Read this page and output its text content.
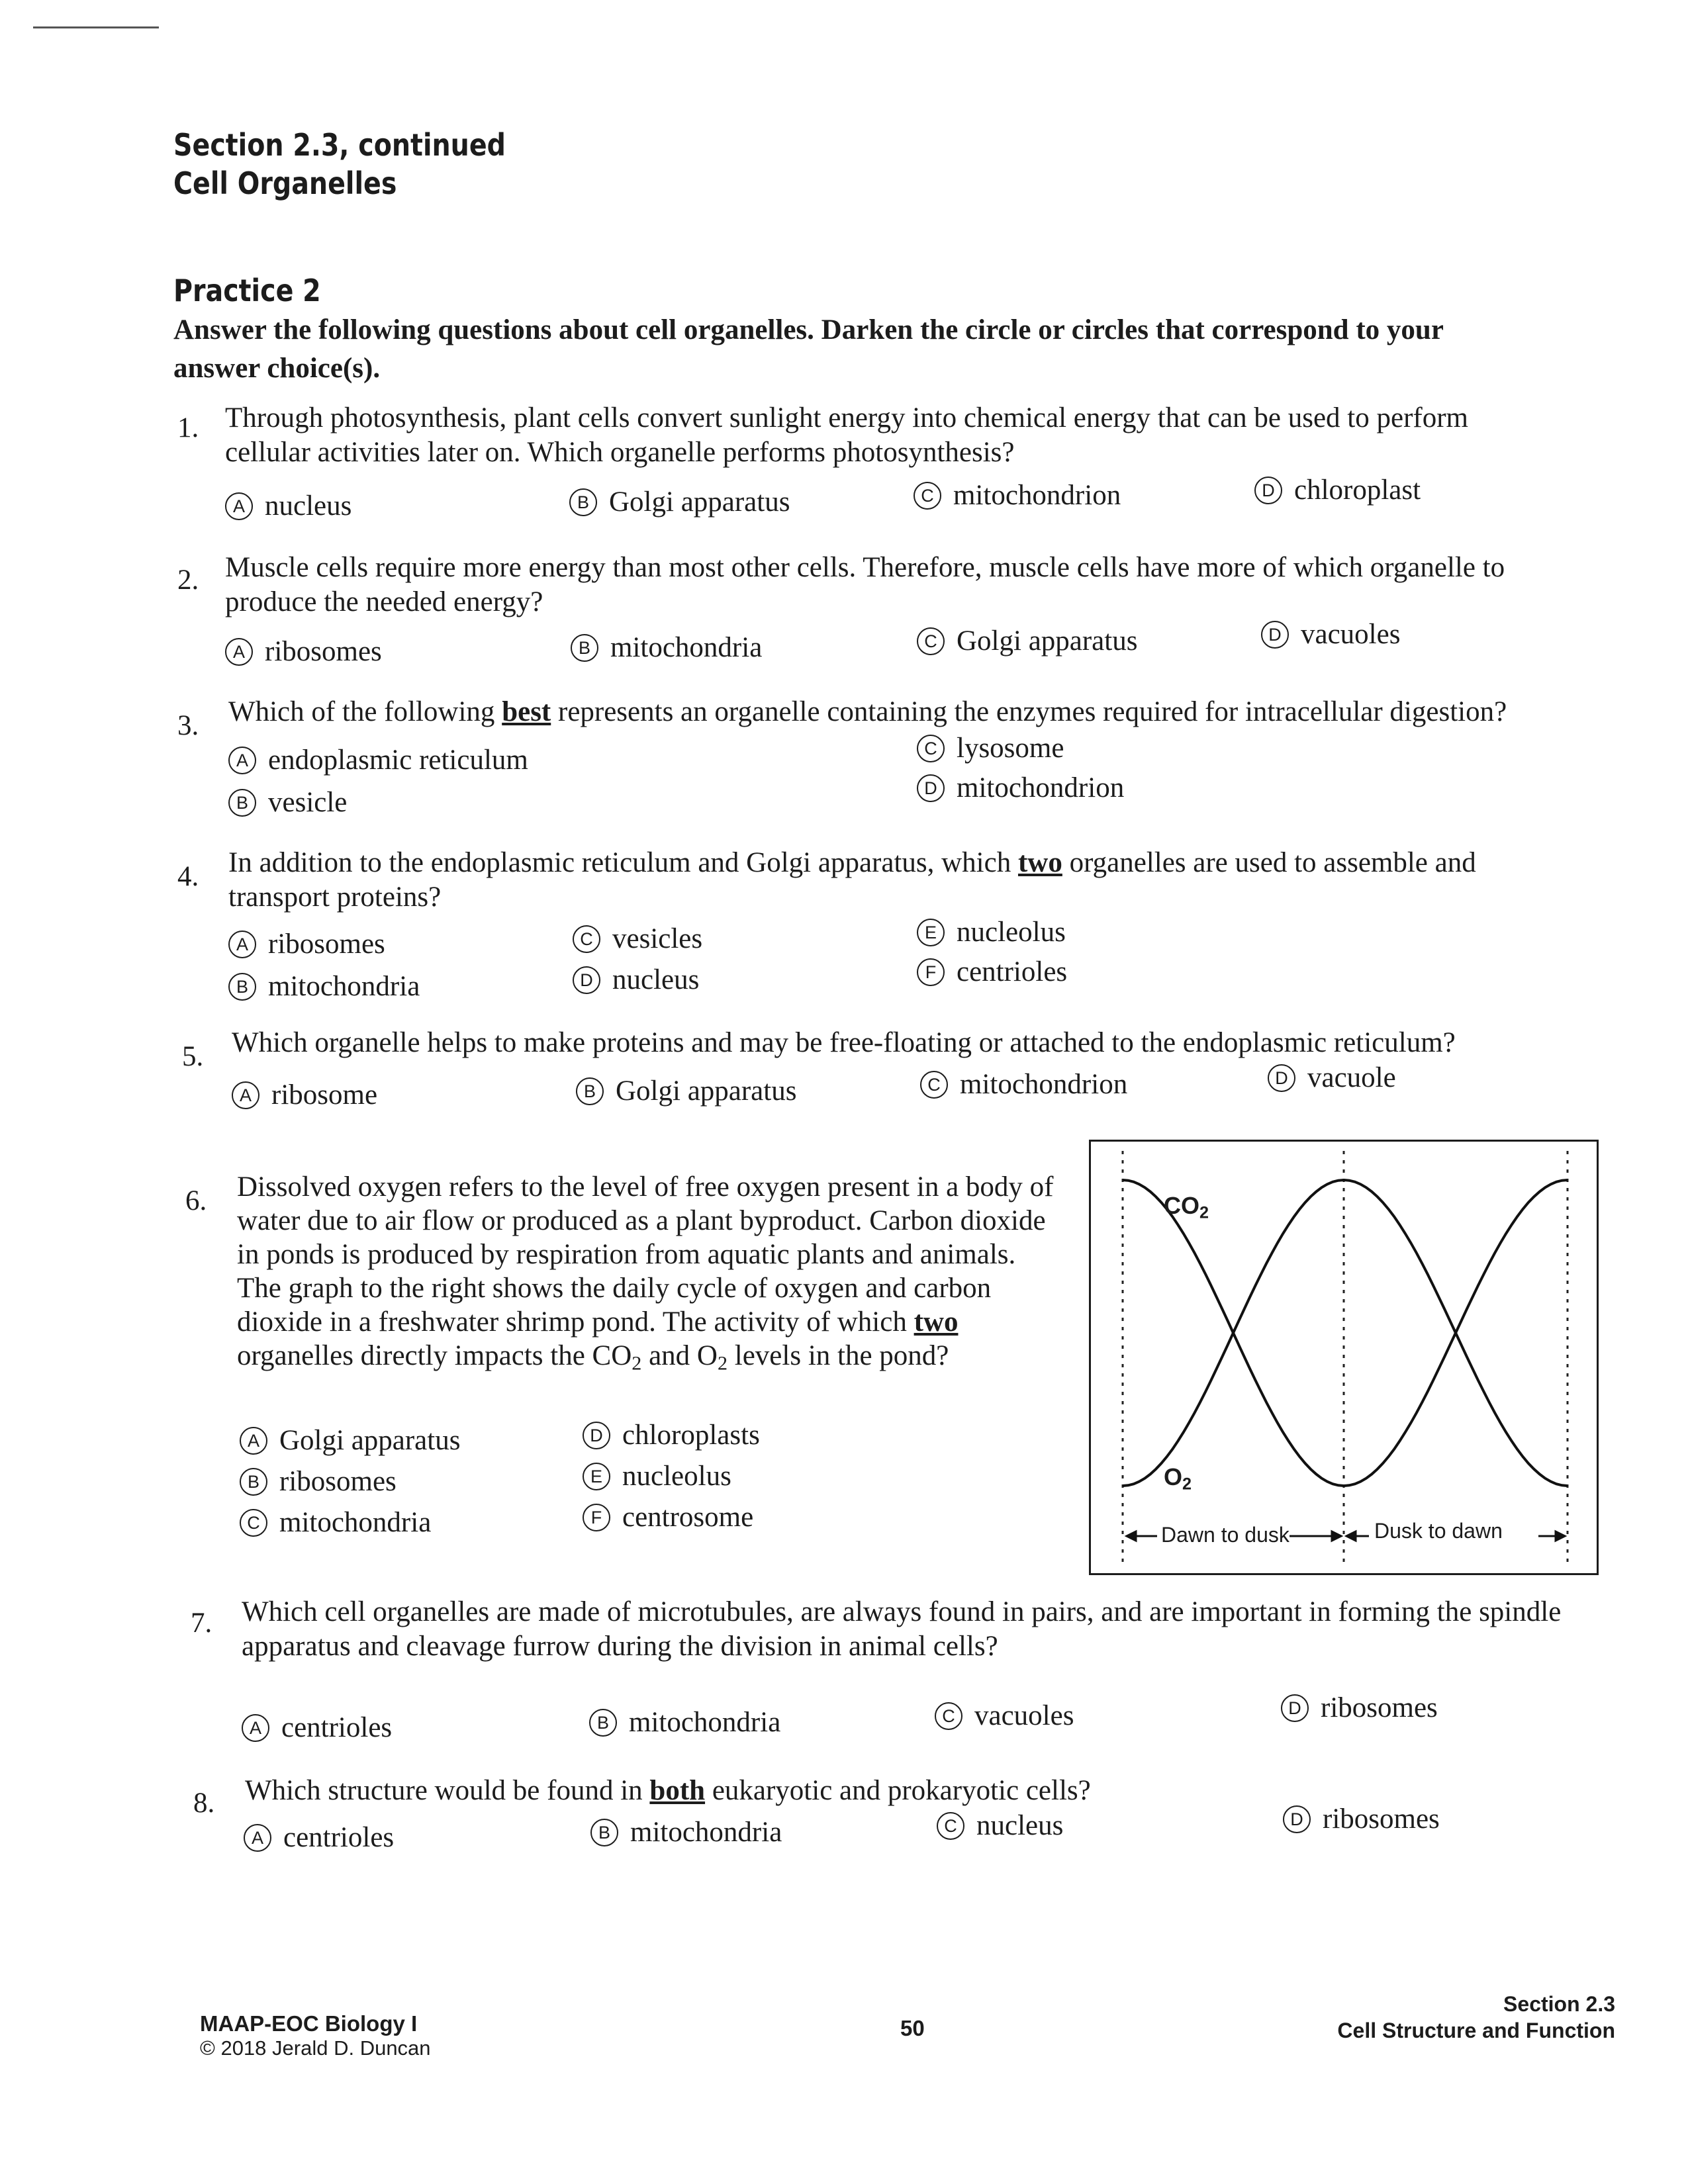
Section 2.3, continued
Cell Organelles
Practice 2
Answer the following questions about cell organelles. Darken the circle or circles that correspond to your answer choice(s).
1. Through photosynthesis, plant cells convert sunlight energy into chemical energy that can be used to perform cellular activities later on. Which organelle performs photosynthesis?
A nucleus	B Golgi apparatus	C mitochondrion	D chloroplast
2. Muscle cells require more energy than most other cells. Therefore, muscle cells have more of which organelle to produce the needed energy?
A ribosomes	B mitochondria	C Golgi apparatus	D vacuoles
3. Which of the following best represents an organelle containing the enzymes required for intracellular digestion?
A endoplasmic reticulum
B vesicle
C lysosome
D mitochondrion
4. In addition to the endoplasmic reticulum and Golgi apparatus, which two organelles are used to assemble and transport proteins?
A ribosomes
B mitochondria
C vesicles
D nucleus
E nucleolus
F centrioles
5. Which organelle helps to make proteins and may be free-floating or attached to the endoplasmic reticulum?
A ribosome	B Golgi apparatus	C mitochondrion	D vacuole
6. Dissolved oxygen refers to the level of free oxygen present in a body of water due to air flow or produced as a plant byproduct. Carbon dioxide in ponds is produced by respiration from aquatic plants and animals. The graph to the right shows the daily cycle of oxygen and carbon dioxide in a freshwater shrimp pond. The activity of which two organelles directly impacts the $CO_2$ and $O_2$ levels in the pond?
A Golgi apparatus
B ribosomes
C mitochondria
D chloroplasts
E nucleolus
F centrosome
$CO_2$
$O_2$
Dawn to dusk	Dusk to dawn
7. Which cell organelles are made of microtubules, are always found in pairs, and are important in forming the spindle apparatus and cleavage furrow during the division in animal cells?
A centrioles	B mitochondria	C vacuoles	D ribosomes
8. Which structure would be found in both eukaryotic and prokaryotic cells?
A centrioles	B mitochondria	C nucleus	D ribosomes
MAAP-EOC Biology I
© 2018 Jerald D. Duncan
50
Section 2.3
Cell Structure and Function
